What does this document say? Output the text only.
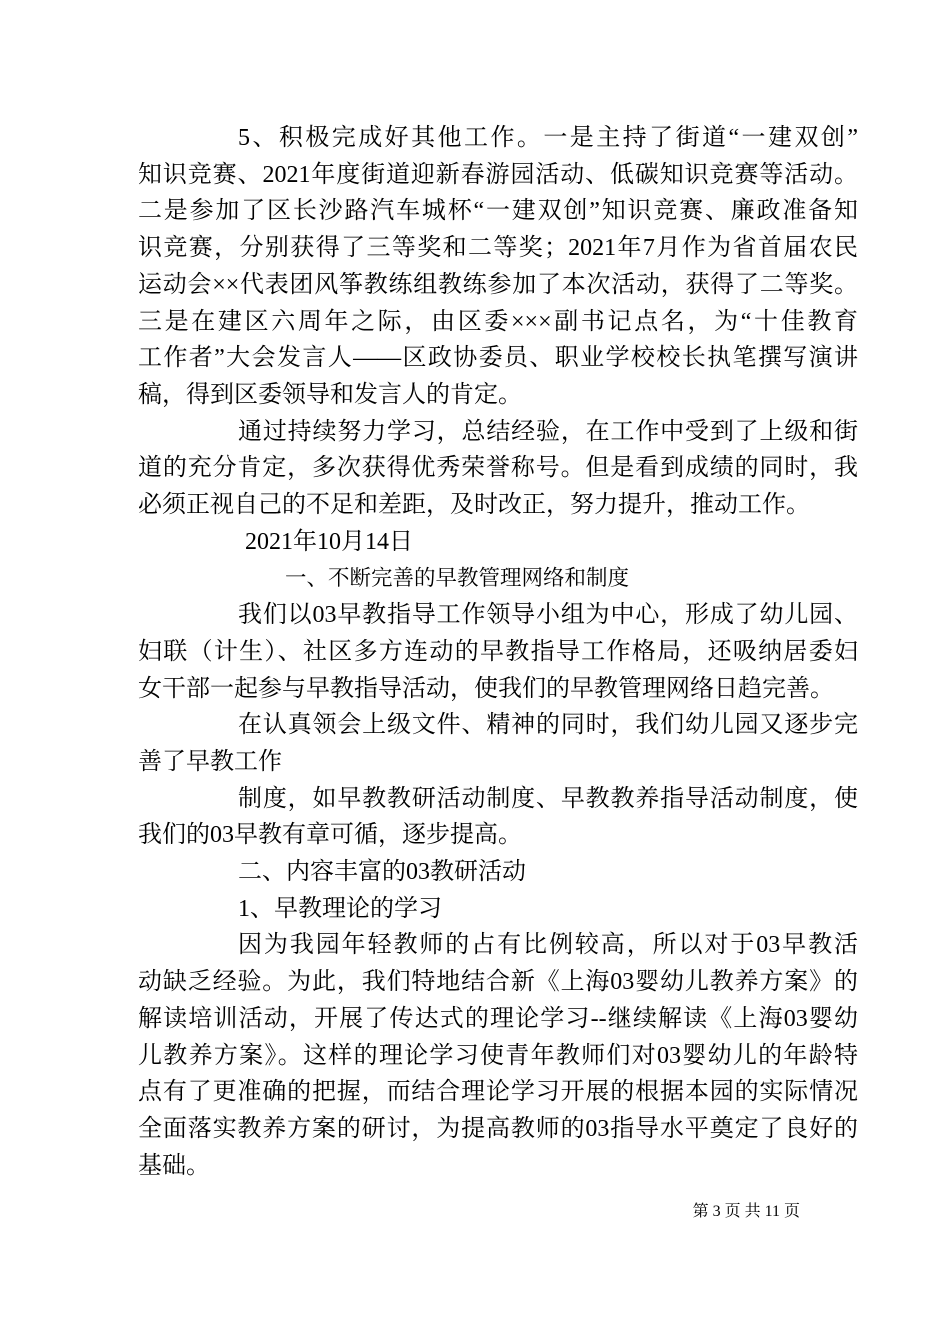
5、积极完成好其他工作。一是主持了街道“一建双创”
知识竞赛、2021年度街道迎新春游园活动、低碳知识竞赛等活动。
二是参加了区长沙路汽车城杯“一建双创”知识竞赛、廉政准备知
识竞赛，分别获得了三等奖和二等奖；2021年7月作为省首届农民
运动会××代表团风筝教练组教练参加了本次活动，获得了二等奖。
三是在建区六周年之际，由区委×××副书记点名，为“十佳教育
工作者”大会发言人——区政协委员、职业学校校长执笔撰写演讲
稿，得到区委领导和发言人的肯定。
通过持续努力学习，总结经验，在工作中受到了上级和街
道的充分肯定，多次获得优秀荣誉称号。但是看到成绩的同时，我
必须正视自己的不足和差距，及时改正，努力提升，推动工作。
2021年10月14日
一、不断完善的早教管理网络和制度
我们以03早教指导工作领导小组为中心，形成了幼儿园、
妇联（计生）、社区多方连动的早教指导工作格局，还吸纳居委妇
女干部一起参与早教指导活动，使我们的早教管理网络日趋完善。
在认真领会上级文件、精神的同时，我们幼儿园又逐步完
善了早教工作
制度，如早教教研活动制度、早教教养指导活动制度，使
我们的03早教有章可循，逐步提高。
二、内容丰富的03教研活动
1、早教理论的学习
因为我园年轻教师的占有比例较高，所以对于03早教活
动缺乏经验。为此，我们特地结合新《上海03婴幼儿教养方案》的
解读培训活动，开展了传达式的理论学习--继续解读《上海03婴幼
儿教养方案》。这样的理论学习使青年教师们对03婴幼儿的年龄特
点有了更准确的把握，而结合理论学习开展的根据本园的实际情况
全面落实教养方案的研讨，为提高教师的03指导水平奠定了良好的
基础。
第 3 页 共 11 页
